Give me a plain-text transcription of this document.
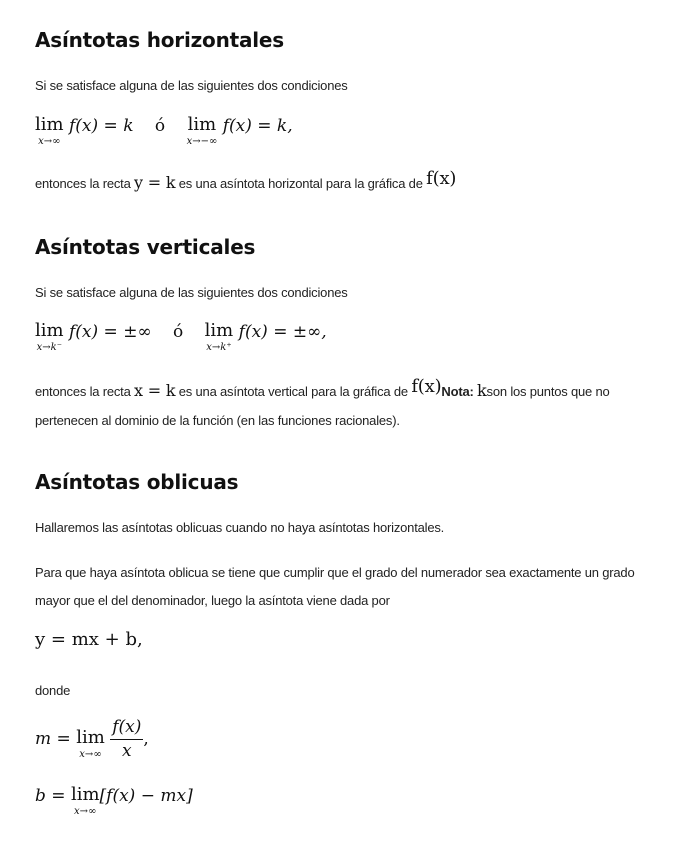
Asíntotas horizontales

Si se satisface alguna de las siguientes dos condiciones

lim
x→∞
f(x) = k ó lim
x→−∞
f(x) = k,

entonces la recta y = k es una asíntota horizontal para la gráfica de f(x)

Asíntotas verticales

Si se satisface alguna de las siguientes dos condiciones

lim
x→k⁻
f(x) = ±∞ ó lim
x→k⁺
f(x) = ±∞,

entonces la recta x = k es una asíntota vertical para la gráfica de f(x)Nota: kson los puntos que no

pertenecen al dominio de la función (en las funciones racionales).

Asíntotas oblicuas

Hallaremos las asíntotas oblicuas cuando no haya asíntotas horizontales.

Para que haya asíntota oblicua se tiene que cumplir que el grado del numerador sea exactamente un grado

mayor que el del denominador, luego la asíntota viene dada por

y = mx + b,

donde

m = lim
x→∞
$\frac{f(x)}{x}$ ,
b = lim
x→∞
[f(x) − mx]
